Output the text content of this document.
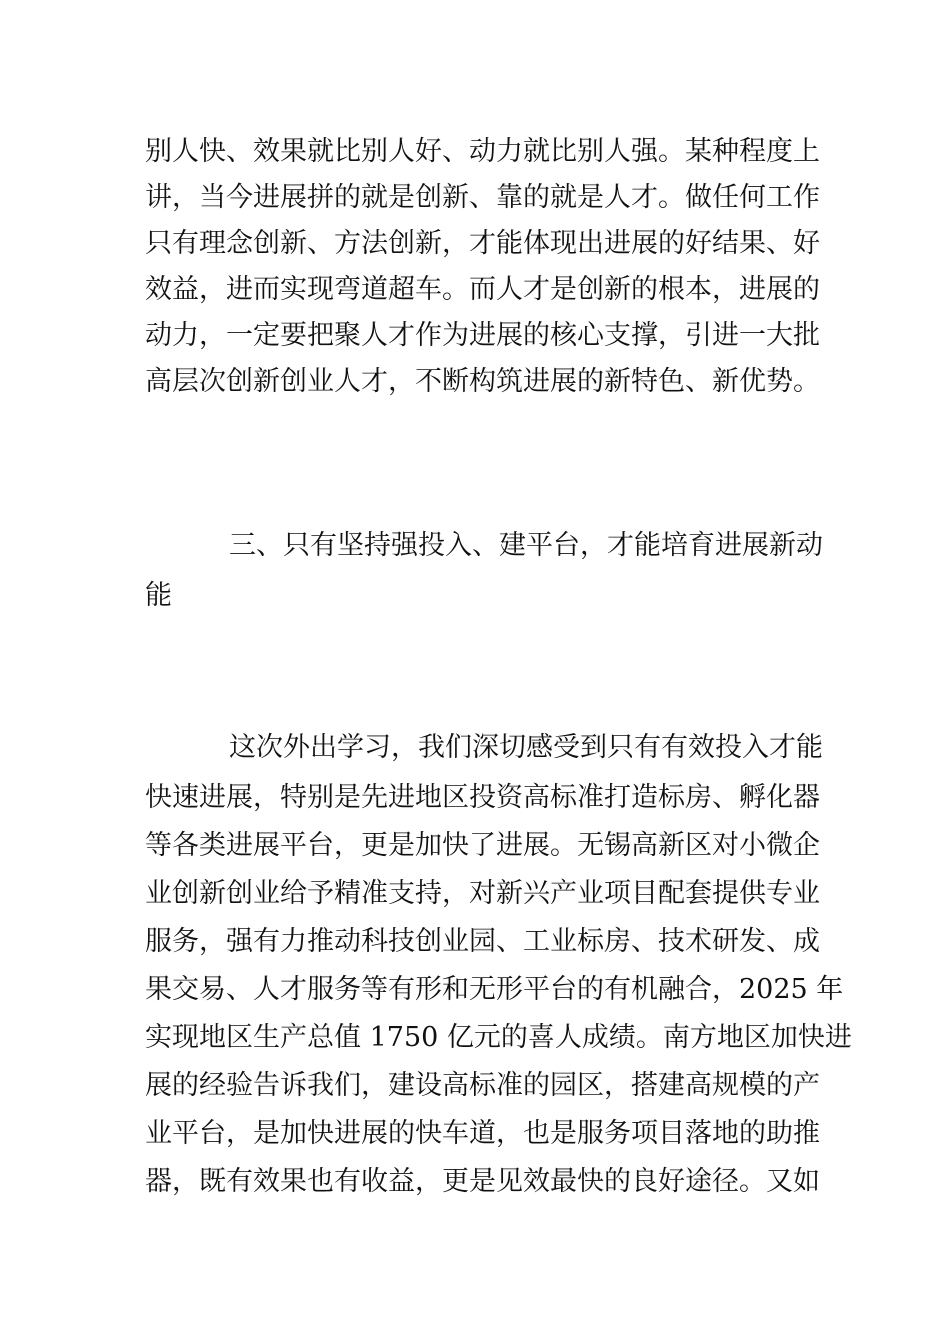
别人快、效果就比别人好、动力就比别人强。某种程度上
讲，当今进展拼的就是创新、靠的就是人才。做任何工作
只有理念创新、方法创新，才能体现出进展的好结果、好
效益，进而实现弯道超车。而人才是创新的根本，进展的
动力，一定要把聚人才作为进展的核心支撑，引进一大批
高层次创新创业人才，不断构筑进展的新特色、新优势。
三、只有坚持强投入、建平台，才能培育进展新动
能
这次外出学习，我们深切感受到只有有效投入才能
快速进展，特别是先进地区投资高标准打造标房、孵化器
等各类进展平台，更是加快了进展。无锡高新区对小微企
业创新创业给予精准支持，对新兴产业项目配套提供专业
服务，强有力推动科技创业园、工业标房、技术研发、成
果交易、人才服务等有形和无形平台的有机融合，2025 年
实现地区生产总值 1750 亿元的喜人成绩。南方地区加快进
展的经验告诉我们，建设高标准的园区，搭建高规模的产
业平台，是加快进展的快车道，也是服务项目落地的助推
器，既有效果也有收益，更是见效最快的良好途径。又如
